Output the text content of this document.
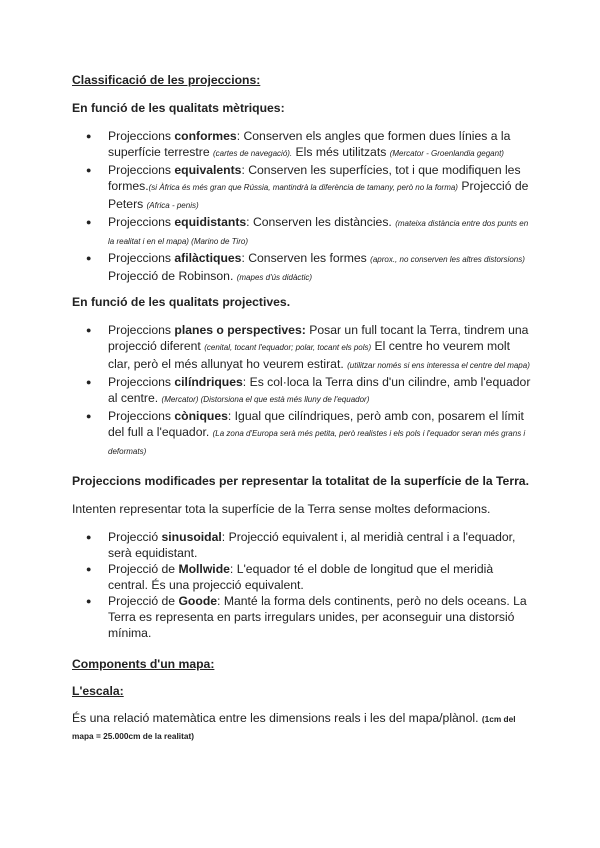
Classificació de les projeccions:
En funció de les qualitats mètriques:
● Projeccions conformes: Conserven els angles que formen dues línies a la superfície terrestre (cartes de navegació). Els més utilitzats (Mercator - Groenlandia gegant)
● Projeccions equivalents: Conserven les superfícies, tot i que modifiquen les formes.(si Àfrica és més gran que Rússia, mantindrà la diferència de tamany, però no la forma) Projecció de Peters (Africa - penis)
● Projeccions equidistants: Conserven les distàncies. (mateixa distància entre dos punts en la realitat i en el mapa) (Marino de Tiro)
● Projeccions afilàctiques: Conserven les formes (aprox., no conserven les altres distorsions) Projecció de Robinson. (mapes d'ús didàctic)
En funció de les qualitats projectives.
● Projeccions planes o perspectives: Posar un full tocant la Terra, tindrem una projecció diferent (cenital, tocant l'equador; polar, tocant els pols) El centre ho veurem molt clar, però el més allunyat ho veurem estirat. (utilitzar només si ens interessa el centre del mapa)
● Projeccions cilíndriques: Es col·loca la Terra dins d'un cilindre, amb l'equador al centre. (Mercator) (Distorsiona el que està més lluny de l'equador)
● Projeccions còniques: Igual que cilíndriques, però amb con, posarem el límit del full a l'equador. (La zona d'Europa serà més petita, però realistes i els pols i l'equador seran més grans i deformats)
Projeccions modificades per representar la totalitat de la superfície de la Terra.
Intenten representar tota la superfície de la Terra sense moltes deformacions.
● Projecció sinusoidal: Projecció equivalent i, al meridià central i a l'equador, serà equidistant.
● Projecció de Mollwide: L'equador té el doble de longitud que el meridià central. És una projecció equivalent.
● Projecció de Goode: Manté la forma dels continents, però no dels oceans. La Terra es representa en parts irregulars unides, per aconseguir una distorsió mínima.
Components d'un mapa:
L'escala:
És una relació matemàtica entre les dimensions reals i les del mapa/plànol. (1cm del mapa = 25.000cm de la realitat)
